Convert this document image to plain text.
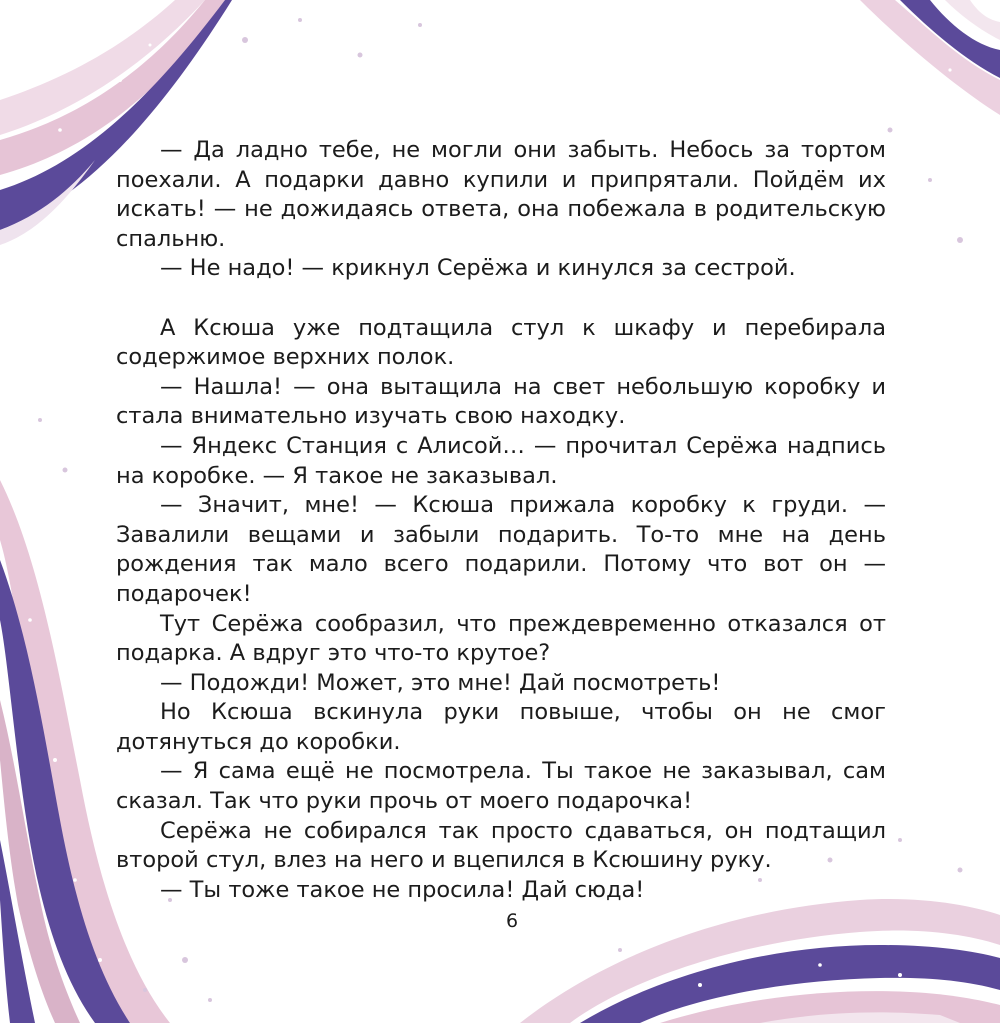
— Да ладно тебе, не могли они забыть. Небось за тортом поехали. А подарки давно купили и припрятали. Пойдём их искать! — не дожидаясь ответа, она побежала в родительскую спальню.

— Не надо! — крикнул Серёжа и кинулся за сестрой.

А Ксюша уже подтащила стул к шкафу и перебирала содержимое верхних полок.

— Нашла! — она вытащила на свет небольшую коробку и стала внимательно изучать свою находку.

— Яндекс Станция с Алисой… — прочитал Серёжа надпись на коробке. — Я такое не заказывал.

— Значит, мне! — Ксюша прижала коробку к груди. — Завалили вещами и забыли подарить. То-то мне на день рождения так мало всего подарили. Потому что вот он — подарочек!

Тут Серёжа сообразил, что преждевременно отказался от подарка. А вдруг это что-то крутое?

— Подожди! Может, это мне! Дай посмотреть!

Но Ксюша вскинула руки повыше, чтобы он не смог дотянуться до коробки.

— Я сама ещё не посмотрела. Ты такое не заказывал, сам сказал. Так что руки прочь от моего подарочка!

Серёжа не собирался так просто сдаваться, он подтащил второй стул, влез на него и вцепился в Ксюшину руку.

— Ты тоже такое не просила! Дай сюда!

6
